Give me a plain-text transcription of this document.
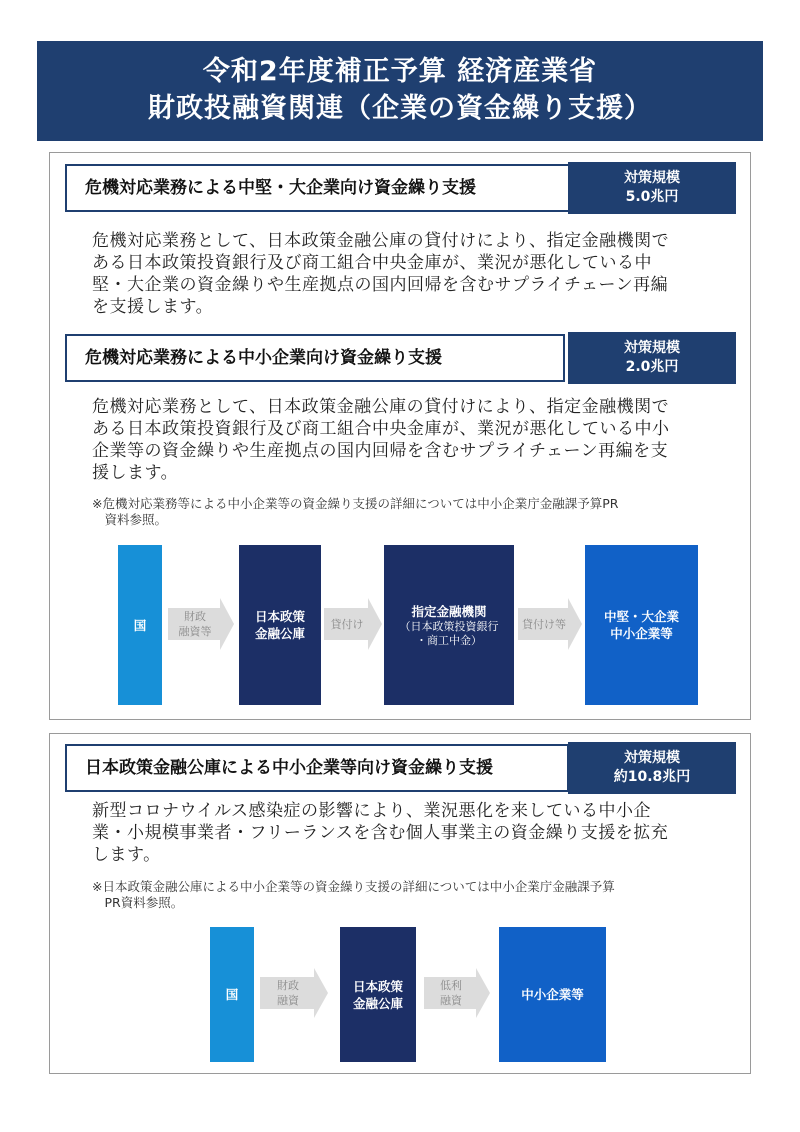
令和2年度補正予算 経済産業省
財政投融資関連（企業の資金繰り支援）
危機対応業務による中堅・大企業向け資金繰り支援	対策規模
5.0兆円
危機対応業務として、日本政策金融公庫の貸付けにより、指定金融機関で
ある日本政策投資銀行及び商工組合中央金庫が、業況が悪化している中
堅・大企業の資金繰りや生産拠点の国内回帰を含むサプライチェーン再編
を支援します。
危機対応業務による中小企業向け資金繰り支援	対策規模
2.0兆円
危機対応業務として、日本政策金融公庫の貸付けにより、指定金融機関で
ある日本政策投資銀行及び商工組合中央金庫が、業況が悪化している中小
企業等の資金繰りや生産拠点の国内回帰を含むサプライチェーン再編を支
援します。
※危機対応業務等による中小企業等の資金繰り支援の詳細については中小企業庁金融課予算PR
　資料参照。
国
財政
融資等
日本政策
金融公庫
貸付け
指定金融機関
（日本政策投資銀行
・商工中金）
貸付け等	中堅・大企業
中小企業等
日本政策金融公庫による中小企業等向け資金繰り支援	対策規模
約10.8兆円
新型コロナウイルス感染症の影響により、業況悪化を来している中小企
業・小規模事業者・フリーランスを含む個人事業主の資金繰り支援を拡充
します。
※日本政策金融公庫による中小企業等の資金繰り支援の詳細については中小企業庁金融課予算
　PR資料参照。
国
財政
融資
日本政策
金融公庫
低利
融資	中小企業等
